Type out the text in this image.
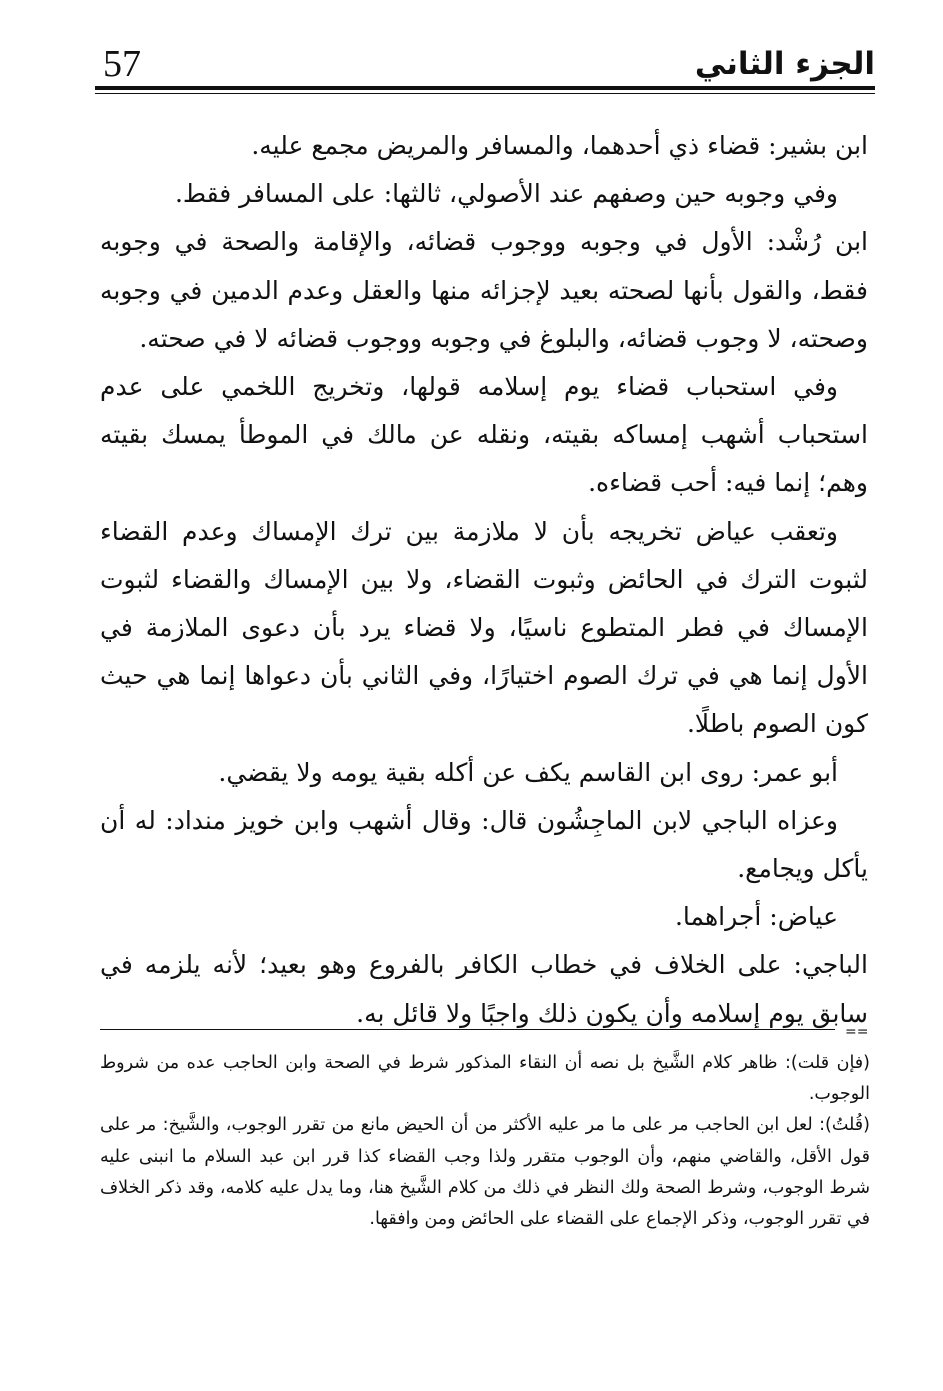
57	الجزء الثاني

ابن بشير: قضاء ذي أحدهما، والمسافر والمريض مجمع عليه.

وفي وجوبه حين وصفهم عند الأصولي، ثالثها: على المسافر فقط.

ابن رُشْد: الأول في وجوبه ووجوب قضائه، والإقامة والصحة في وجوبه فقط، والقول بأنها لصحته بعيد لإجزائه منها والعقل وعدم الدمين في وجوبه وصحته، لا وجوب قضائه، والبلوغ في وجوبه ووجوب قضائه لا في صحته.

وفي استحباب قضاء يوم إسلامه قولها، وتخريج اللخمي على عدم استحباب أشهب إمساكه بقيته، ونقله عن مالك في الموطأ يمسك بقيته وهم؛ إنما فيه: أحب قضاءه.

وتعقب عياض تخريجه بأن لا ملازمة بين ترك الإمساك وعدم القضاء لثبوت الترك في الحائض وثبوت القضاء، ولا بين الإمساك والقضاء لثبوت الإمساك في فطر المتطوع ناسيًا، ولا قضاء يرد بأن دعوى الملازمة في الأول إنما هي في ترك الصوم اختيارًا، وفي الثاني بأن دعواها إنما هي حيث كون الصوم باطلًا.

أبو عمر: روى ابن القاسم يكف عن أكله بقية يومه ولا يقضي.

وعزاه الباجي لابن الماجِشُون قال: وقال أشهب وابن خويز منداد: له أن يأكل ويجامع.

عياض: أجراهما.

الباجي: على الخلاف في خطاب الكافر بالفروع وهو بعيد؛ لأنه يلزمه في سابق يوم إسلامه وأن يكون ذلك واجبًا ولا قائل به.

==

(فإن قلت): ظاهر كلام الشَّيخ بل نصه أن النقاء المذكور شرط في الصحة وابن الحاجب عده من شروط الوجوب.

(قُلتُ): لعل ابن الحاجب مر على ما مر عليه الأكثر من أن الحيض مانع من تقرر الوجوب، والشَّيخ: مر على قول الأقل، والقاضي منهم، وأن الوجوب متقرر ولذا وجب القضاء كذا قرر ابن عبد السلام ما انبنى عليه شرط الوجوب، وشرط الصحة ولك النظر في ذلك من كلام الشَّيخ هنا، وما يدل عليه كلامه، وقد ذكر الخلاف في تقرر الوجوب، وذكر الإجماع على القضاء على الحائض ومن وافقها.
